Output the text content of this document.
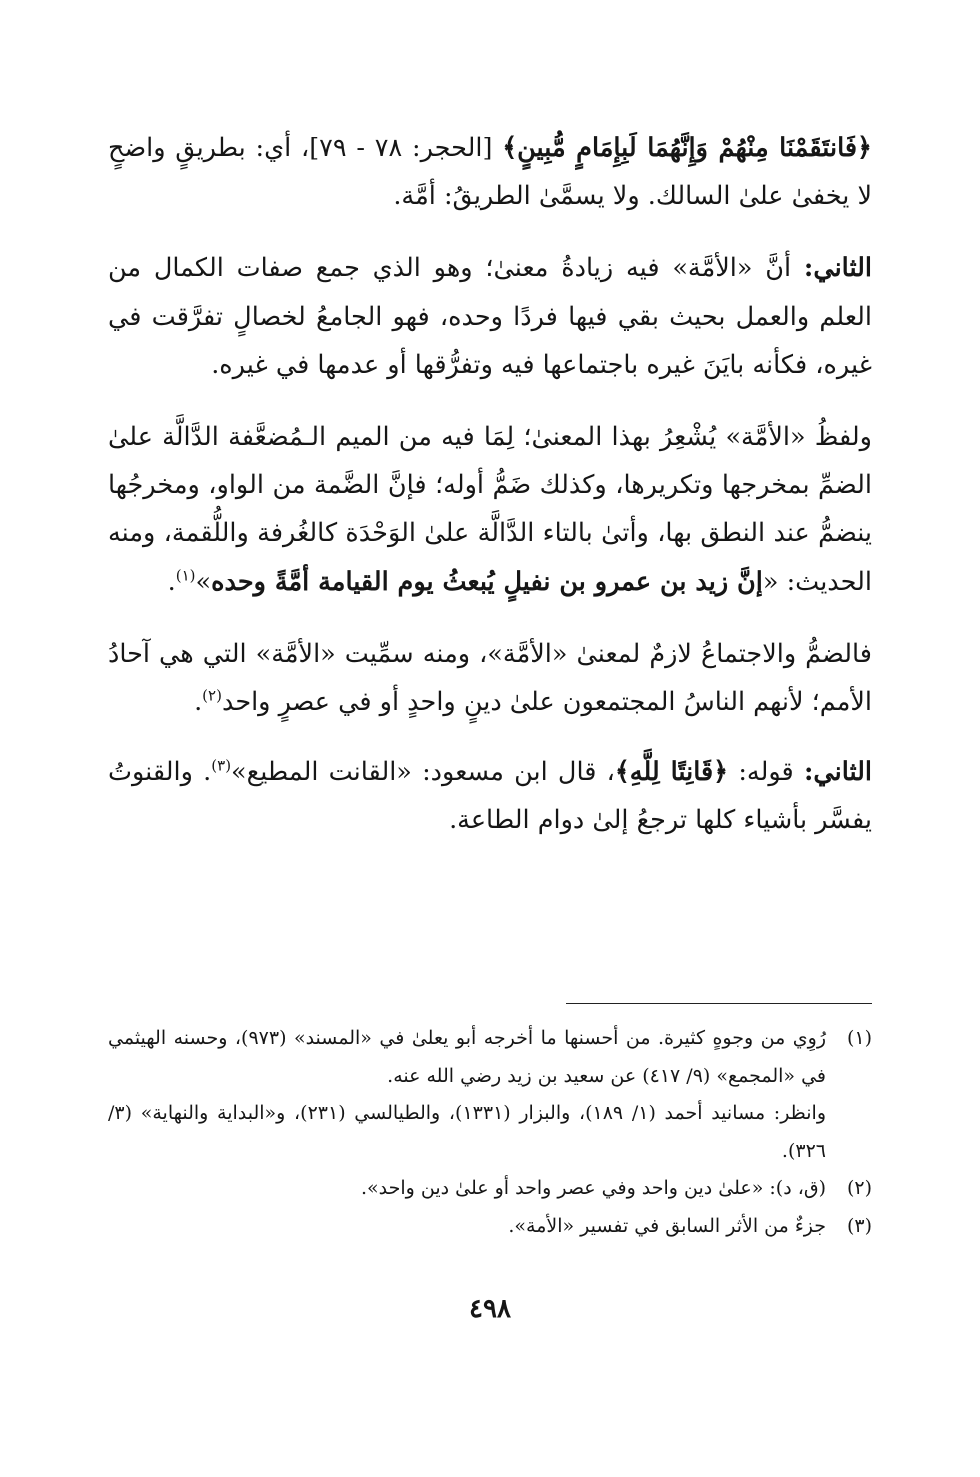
﴿فَانتَقَمْنَا مِنْهُمْ وَإِنَّهُمَا لَبِإِمَامٍ مُّبِينٍ﴾ [الحجر: ٧٨ - ٧٩]، أي: بطريقٍ واضحٍ لا يخفىٰ علىٰ السالك. ولا يسمَّىٰ الطريقُ: أمَّة.

الثاني: أنَّ «الأمَّة» فيه زيادةُ معنىٰ؛ وهو الذي جمع صفات الكمال من العلم والعمل بحيث بقي فيها فردًا وحده، فهو الجامعُ لخصالٍ تفرَّقت في غيره، فكأنه بايَنَ غيره باجتماعها فيه وتفرُّقها أو عدمها في غيره.

ولفظُ «الأمَّة» يُشْعِرُ بهذا المعنىٰ؛ لِمَا فيه من الميم الـمُضعَّفة الدَّالَّة علىٰ الضمِّ بمخرجها وتكريرها، وكذلك ضَمُّ أوله؛ فإنَّ الضَّمة من الواو، ومخرجُها ينضمُّ عند النطق بها، وأتىٰ بالتاء الدَّالَّة علىٰ الوَحْدَة كالغُرفة واللُّقمة، ومنه الحديث: «إنَّ زيد بن عمرو بن نفيلٍ يُبعثُ يوم القيامة أمَّةً وحده»$^{(١)}$.

فالضمُّ والاجتماعُ لازمٌ لمعنىٰ «الأمَّة»، ومنه سمِّيت «الأمَّة» التي هي آحادُ الأمم؛ لأنهم الناسُ المجتمعون علىٰ دينٍ واحدٍ أو في عصرٍ واحد$^{(٢)}$.

الثاني: قوله: ﴿قَانِتًا لِلَّهِ﴾، قال ابن مسعود: «القانت المطيع»$^{(٣)}$. والقنوتُ يفسَّر بأشياء كلها ترجعُ إلىٰ دوام الطاعة.

(١)
رُوِي من وجوهٍ كثيرة. من أحسنها ما أخرجه أبو يعلىٰ في «المسند» (٩٧٣)، وحسنه الهيثمي في «المجمع» (٩/ ٤١٧) عن سعيد بن زيد رضي الله عنه.
وانظر: مسانيد أحمد (١/ ١٨٩)، والبزار (١٣٣١)، والطيالسي (٢٣١)، و«البداية والنهاية» (٣/ ٣٢٦).
(٢)
(ق، د): «علىٰ دين واحد وفي عصر واحد أو علىٰ دين واحد».
(٣)
جزءٌ من الأثر السابق في تفسير «الأمة».
٤٩٨
